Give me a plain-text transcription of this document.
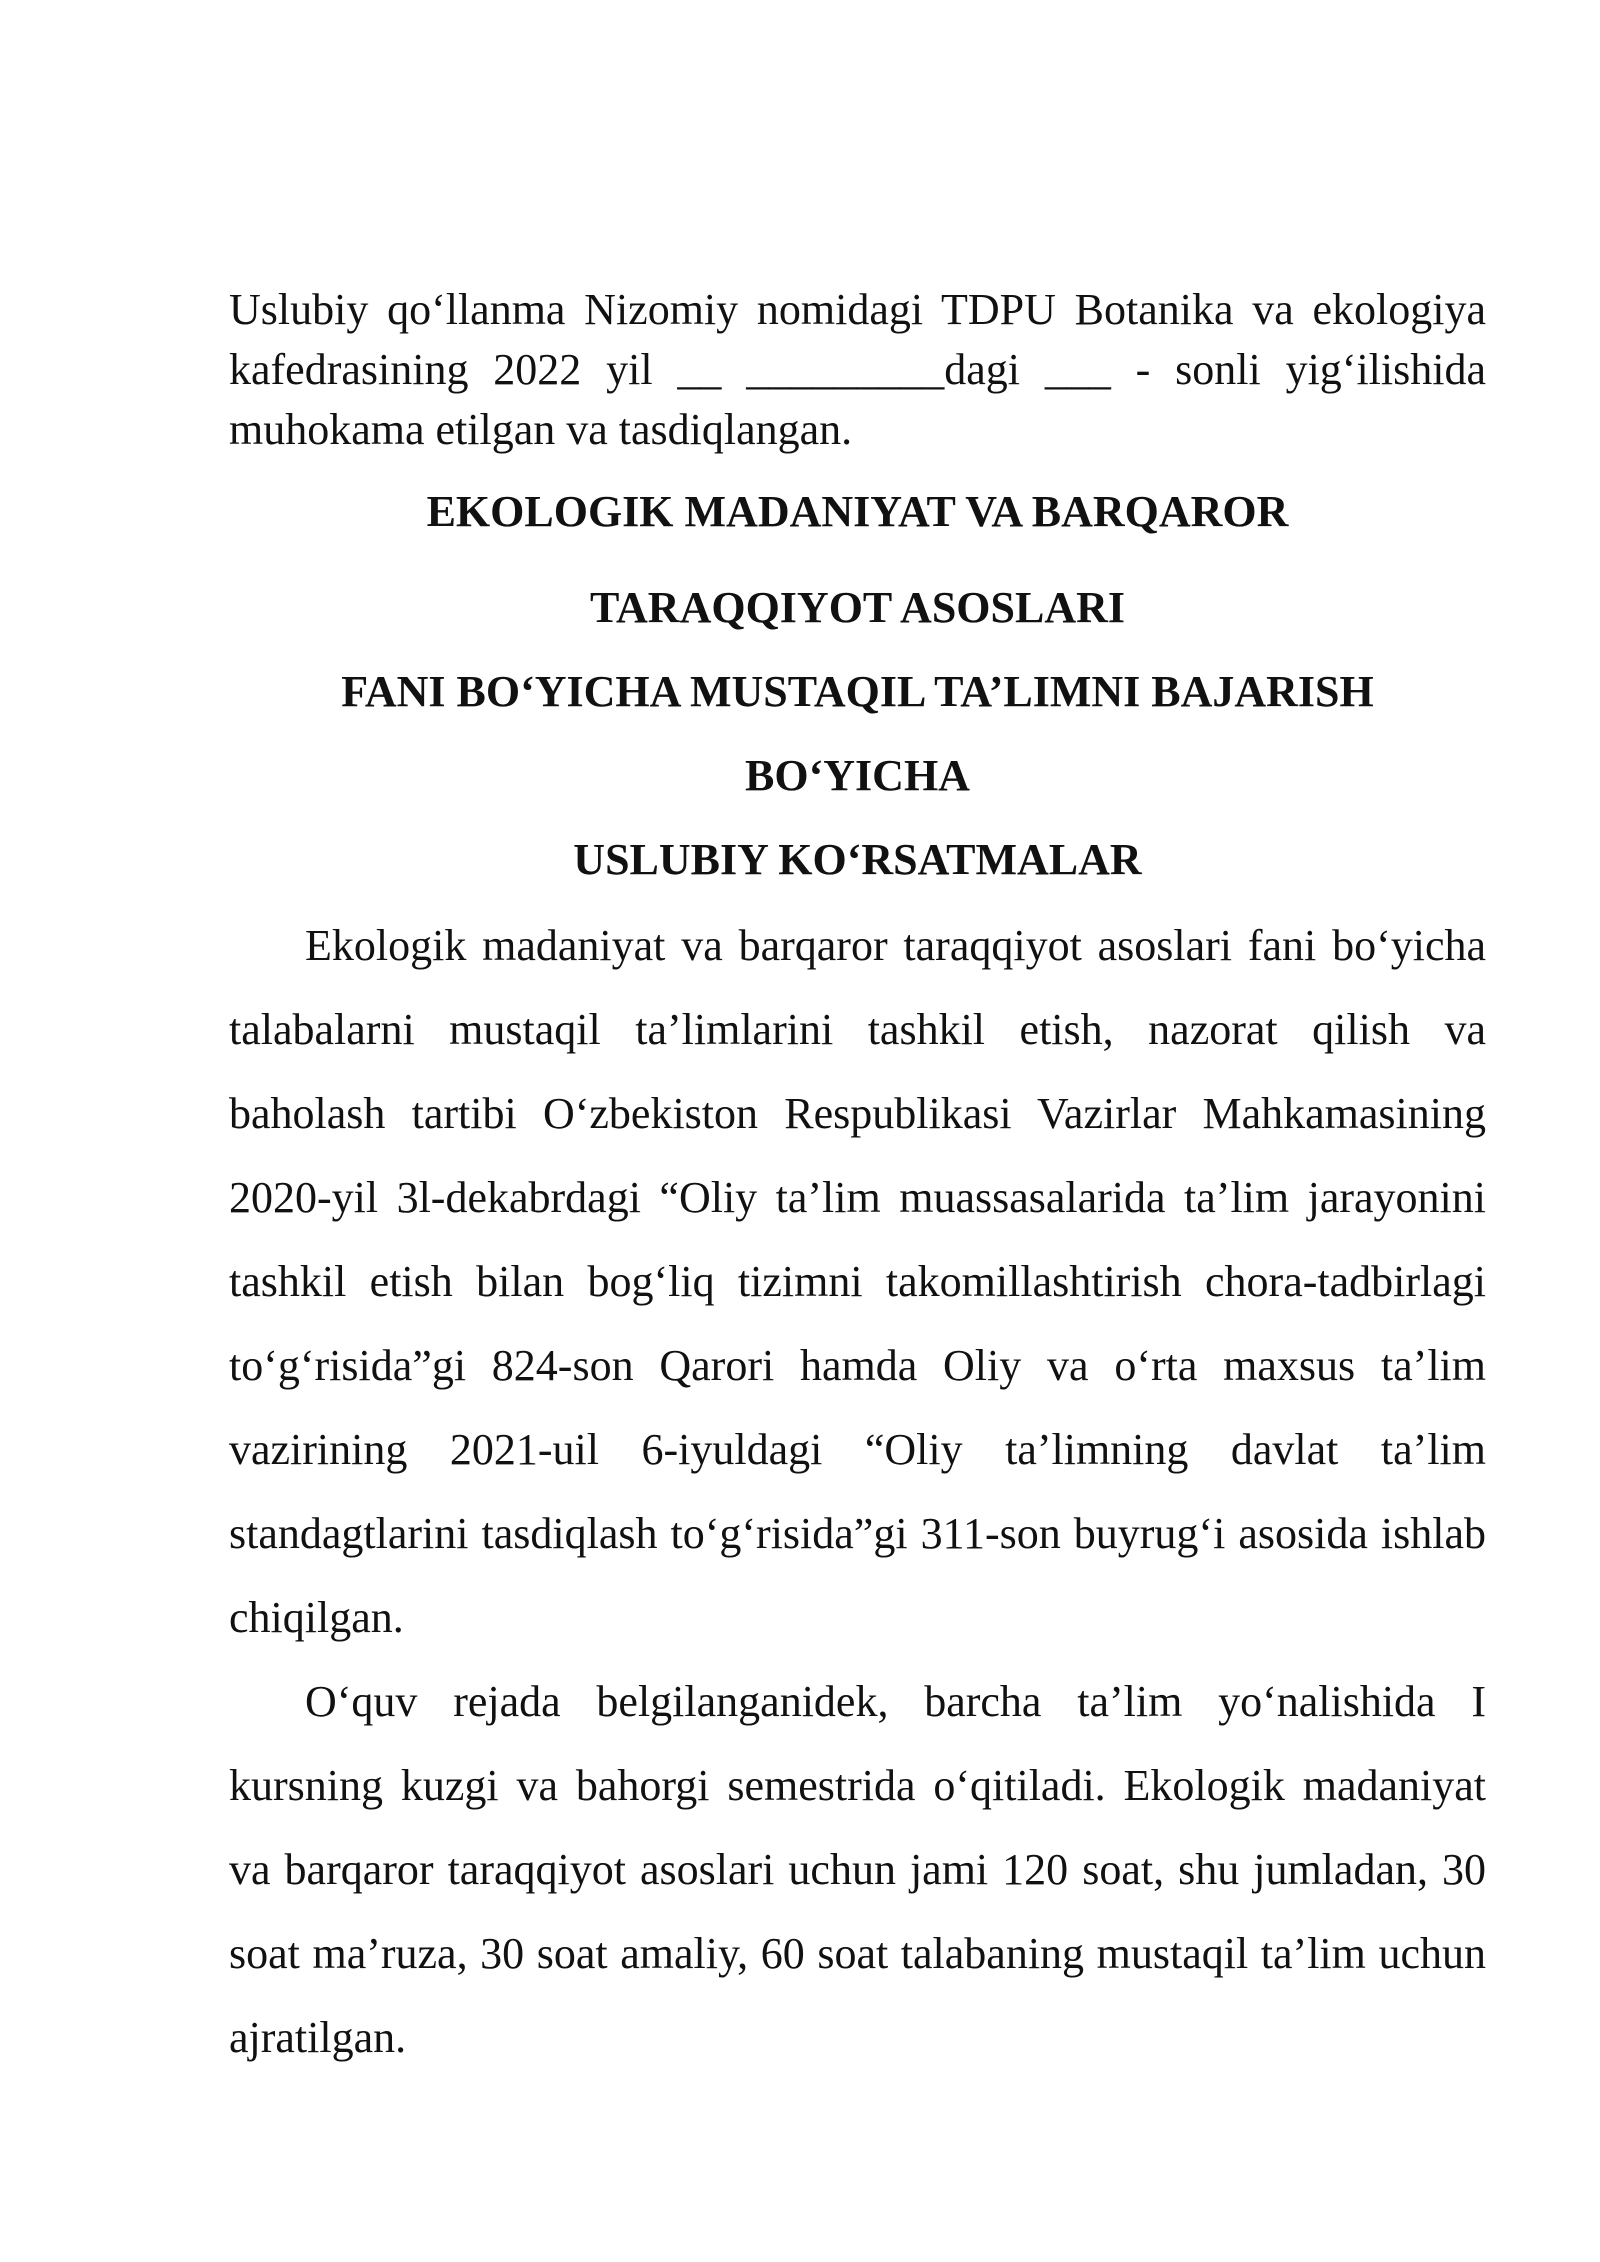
Uslubiy qo‘llanma Nizomiy nomidagi TDPU Botanika va ekologiya kafedrasining 2022 yil __ _________dagi ___ - sonli yig‘ilishida muhokama etilgan va tasdiqlangan.

EKOLOGIK MADANIYAT VA BARQAROR

TARAQQIYOT ASOSLARI

FANI BO‘YICHA MUSTAQIL TA’LIMNI BAJARISH

BO‘YICHA

USLUBIY KO‘RSATMALAR

Ekologik madaniyat va barqaror taraqqiyot asoslari fani bo‘yicha talabalarni mustaqil ta’limlarini tashkil etish, nazorat qilish va baholash tartibi O‘zbekiston Respublikasi Vazirlar Mahkamasining 2020-yil 3l-dekabrdagi “Oliy ta’lim muassasalarida ta’lim jarayonini tashkil etish bilan bog‘liq tizimni takomillashtirish chora-tadbirlagi to‘g‘risida”gi 824-son Qarori hamda Oliy va o‘rta maxsus ta’lim vazirining 2021-uil 6-iyuldagi “Oliy ta’limning davlat ta’lim standagtlarini tasdiqlash to‘g‘risida”gi 311-son buyrug‘i asosida ishlab chiqilgan.

O‘quv rejada belgilanganidek, barcha ta’lim yo‘nalishida I kursning kuzgi va bahorgi semestrida o‘qitiladi. Ekologik madaniyat va barqaror taraqqiyot asoslari uchun jami 120 soat, shu jumladan, 30 soat ma’ruza, 30 soat amaliy, 60 soat talabaning mustaqil ta’lim uchun ajratilgan.
